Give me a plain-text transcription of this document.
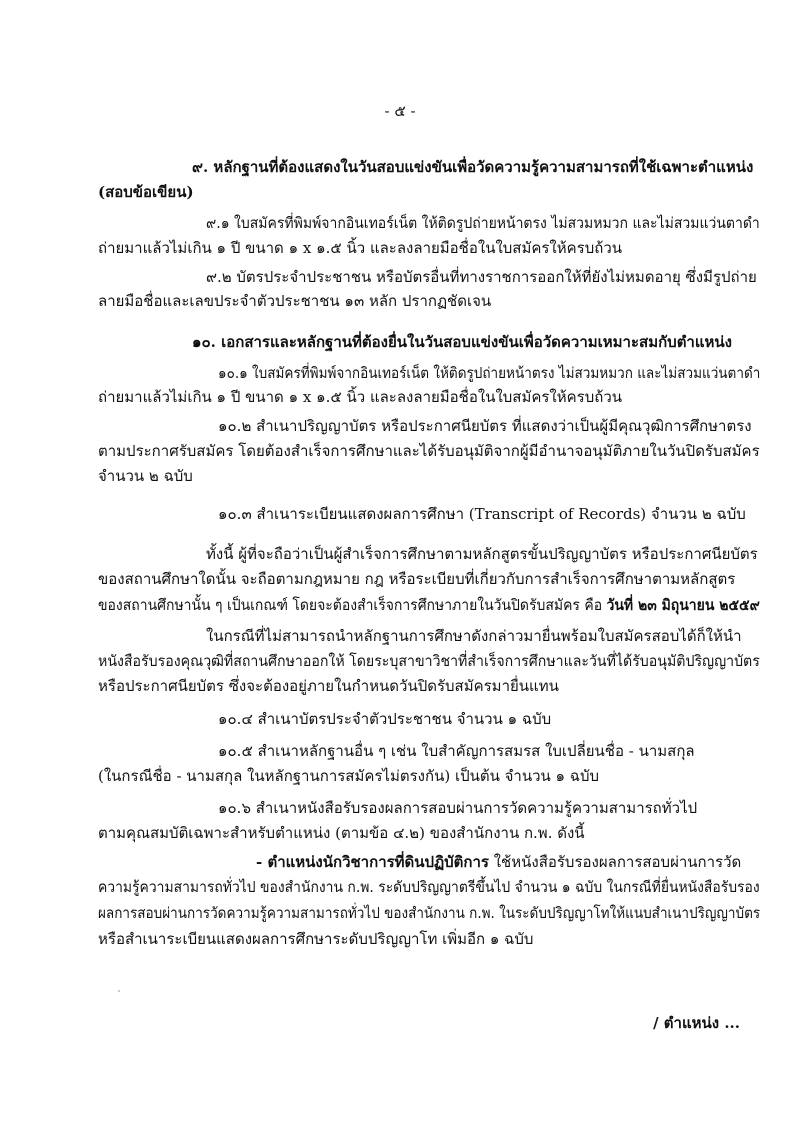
- ๕ -
๙. หลักฐานที่ต้องแสดงในวันสอบแข่งขันเพื่อวัดความรู้ความสามารถที่ใช้เฉพาะตำแหน่ง
(สอบข้อเขียน)
๙.๑ ใบสมัครที่พิมพ์จากอินเทอร์เน็ต ให้ติดรูปถ่ายหน้าตรง ไม่สวมหมวก และไม่สวมแว่นตาดำ
ถ่ายมาแล้วไม่เกิน ๑ ปี ขนาด ๑ x ๑.๕ นิ้ว และลงลายมือชื่อในใบสมัครให้ครบถ้วน
๙.๒ บัตรประจำประชาชน หรือบัตรอื่นที่ทางราชการออกให้ที่ยังไม่หมดอายุ ซึ่งมีรูปถ่าย
ลายมือชื่อและเลขประจำตัวประชาชน ๑๓ หลัก ปรากฏชัดเจน
๑๐. เอกสารและหลักฐานที่ต้องยื่นในวันสอบแข่งขันเพื่อวัดความเหมาะสมกับตำแหน่ง
๑๐.๑ ใบสมัครที่พิมพ์จากอินเทอร์เน็ต ให้ติดรูปถ่ายหน้าตรง ไม่สวมหมวก และไม่สวมแว่นตาดำ
ถ่ายมาแล้วไม่เกิน ๑ ปี ขนาด ๑ x ๑.๕ นิ้ว และลงลายมือชื่อในใบสมัครให้ครบถ้วน
๑๐.๒ สำเนาปริญญาบัตร หรือประกาศนียบัตร ที่แสดงว่าเป็นผู้มีคุณวุฒิการศึกษาตรง
ตามประกาศรับสมัคร โดยต้องสำเร็จการศึกษาและได้รับอนุมัติจากผู้มีอำนาจอนุมัติภายในวันปิดรับสมัคร
จำนวน ๒ ฉบับ
๑๐.๓ สำเนาระเบียนแสดงผลการศึกษา (Transcript of Records) จำนวน ๒ ฉบับ
ทั้งนี้ ผู้ที่จะถือว่าเป็นผู้สำเร็จการศึกษาตามหลักสูตรขั้นปริญญาบัตร หรือประกาศนียบัตร
ของสถานศึกษาใดนั้น จะถือตามกฎหมาย กฎ หรือระเบียบที่เกี่ยวกับการสำเร็จการศึกษาตามหลักสูตร
ของสถานศึกษานั้น ๆ เป็นเกณฑ์ โดยจะต้องสำเร็จการศึกษาภายในวันปิดรับสมัคร คือ วันที่ ๒๓ มิถุนายน ๒๕๕๙
ในกรณีที่ไม่สามารถนำหลักฐานการศึกษาดังกล่าวมายื่นพร้อมใบสมัครสอบได้ก็ให้นำ
หนังสือรับรองคุณวุฒิที่สถานศึกษาออกให้ โดยระบุสาขาวิชาที่สำเร็จการศึกษาและวันที่ได้รับอนุมัติปริญญาบัตร
หรือประกาศนียบัตร ซึ่งจะต้องอยู่ภายในกำหนดวันปิดรับสมัครมายื่นแทน
๑๐.๔ สำเนาบัตรประจำตัวประชาชน จำนวน ๑ ฉบับ
๑๐.๕ สำเนาหลักฐานอื่น ๆ เช่น ใบสำคัญการสมรส ใบเปลี่ยนชื่อ - นามสกุล
(ในกรณีชื่อ - นามสกุล ในหลักฐานการสมัครไม่ตรงกัน) เป็นต้น จำนวน ๑ ฉบับ
๑๐.๖ สำเนาหนังสือรับรองผลการสอบผ่านการวัดความรู้ความสามารถทั่วไป
ตามคุณสมบัติเฉพาะสำหรับตำแหน่ง (ตามข้อ ๔.๒) ของสำนักงาน ก.พ. ดังนี้
- ตำแหน่งนักวิชาการที่ดินปฏิบัติการ ใช้หนังสือรับรองผลการสอบผ่านการวัด
ความรู้ความสามารถทั่วไป ของสำนักงาน ก.พ. ระดับปริญญาตรีขึ้นไป จำนวน ๑ ฉบับ ในกรณีที่ยื่นหนังสือรับรอง
ผลการสอบผ่านการวัดความรู้ความสามารถทั่วไป ของสำนักงาน ก.พ. ในระดับปริญญาโทให้แนบสำเนาปริญญาบัตร
หรือสำเนาระเบียนแสดงผลการศึกษาระดับปริญญาโท เพิ่มอีก ๑ ฉบับ
/ ตำแหน่ง ...
